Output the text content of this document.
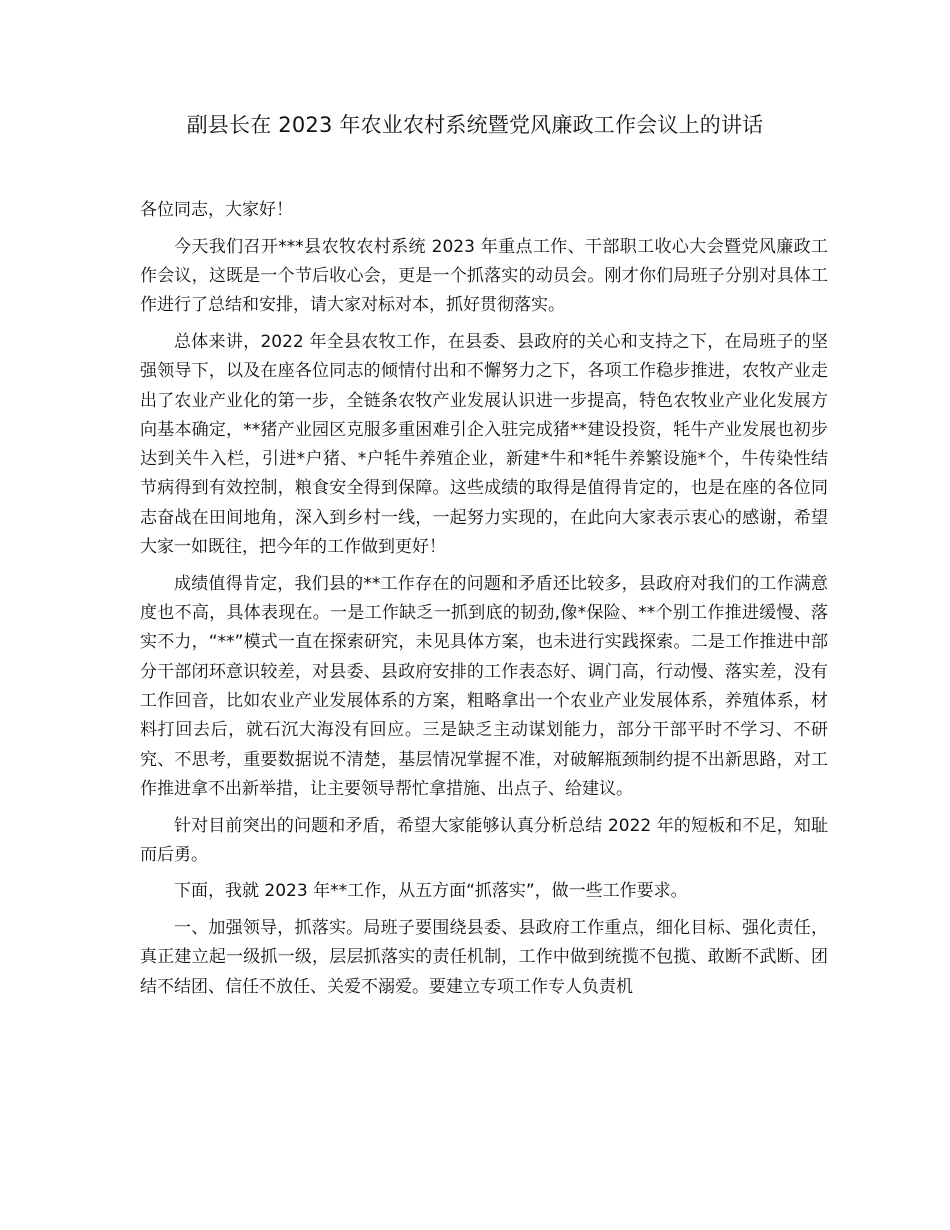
副县长在 2023 年农业农村系统暨党风廉政工作会议上的讲话

各位同志，大家好！

今天我们召开***县农牧农村系统 2023 年重点工作、干部职工收心大会暨党风廉政工作会议，这既是一个节后收心会，更是一个抓落实的动员会。刚才你们局班子分别对具体工作进行了总结和安排，请大家对标对本，抓好贯彻落实。

总体来讲，2022 年全县农牧工作，在县委、县政府的关心和支持之下，在局班子的坚强领导下，以及在座各位同志的倾情付出和不懈努力之下，各项工作稳步推进，农牧产业走出了农业产业化的第一步，全链条农牧产业发展认识进一步提高，特色农牧业产业化发展方向基本确定，**猪产业园区克服多重困难引企入驻完成猪**建设投资，牦牛产业发展也初步达到关牛入栏，引进*户猪、*户牦牛养殖企业，新建*牛和*牦牛养繁设施*个，牛传染性结节病得到有效控制，粮食安全得到保障。这些成绩的取得是值得肯定的，也是在座的各位同志奋战在田间地角，深入到乡村一线，一起努力实现的，在此向大家表示衷心的感谢，希望大家一如既往，把今年的工作做到更好！

成绩值得肯定，我们县的**工作存在的问题和矛盾还比较多，县政府对我们的工作满意度也不高，具体表现在。一是工作缺乏一抓到底的韧劲,像*保险、**个别工作推进缓慢、落实不力，“**”模式一直在探索研究，未见具体方案，也未进行实践探索。二是工作推进中部分干部闭环意识较差，对县委、县政府安排的工作表态好、调门高，行动慢、落实差，没有工作回音，比如农业产业发展体系的方案，粗略拿出一个农业产业发展体系，养殖体系，材料打回去后，就石沉大海没有回应。三是缺乏主动谋划能力，部分干部平时不学习、不研究、不思考，重要数据说不清楚，基层情况掌握不准，对破解瓶颈制约提不出新思路，对工作推进拿不出新举措，让主要领导帮忙拿措施、出点子、给建议。

针对目前突出的问题和矛盾，希望大家能够认真分析总结 2022 年的短板和不足，知耻而后勇。

下面，我就 2023 年**工作，从五方面“抓落实”，做一些工作要求。

一、加强领导，抓落实。局班子要围绕县委、县政府工作重点，细化目标、强化责任，真正建立起一级抓一级，层层抓落实的责任机制，工作中做到统揽不包揽、敢断不武断、团结不结团、信任不放任、关爱不溺爱。要建立专项工作专人负责机
